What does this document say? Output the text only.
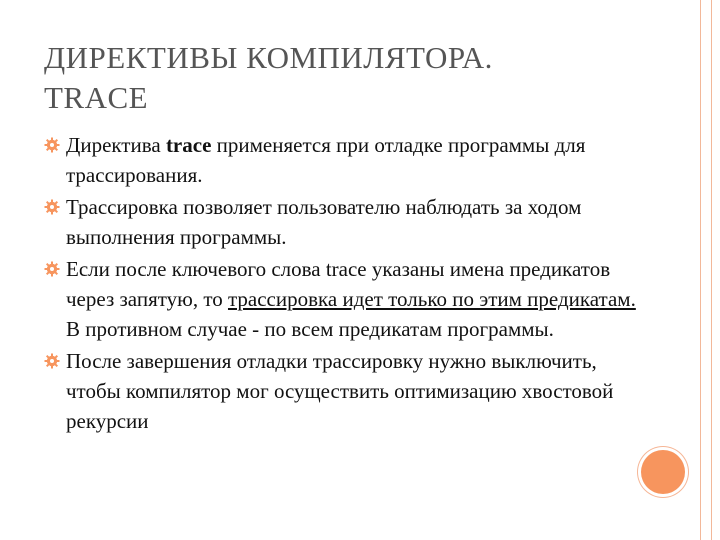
ДИРЕКТИВЫ КОМПИЛЯТОРА.
TRACE
Директива trace применяется при отладке программы для трассирования.
Трассировка позволяет пользователю наблюдать за ходом выполнения программы.
Если после ключевого слова trace указаны имена предикатов через запятую, то трассировка идет только по этим предикатам. В противном случае - по всем предикатам программы.
После завершения отладки трассировку нужно выключить, чтобы компилятор мог осуществить оптимизацию хвостовой рекурсии
